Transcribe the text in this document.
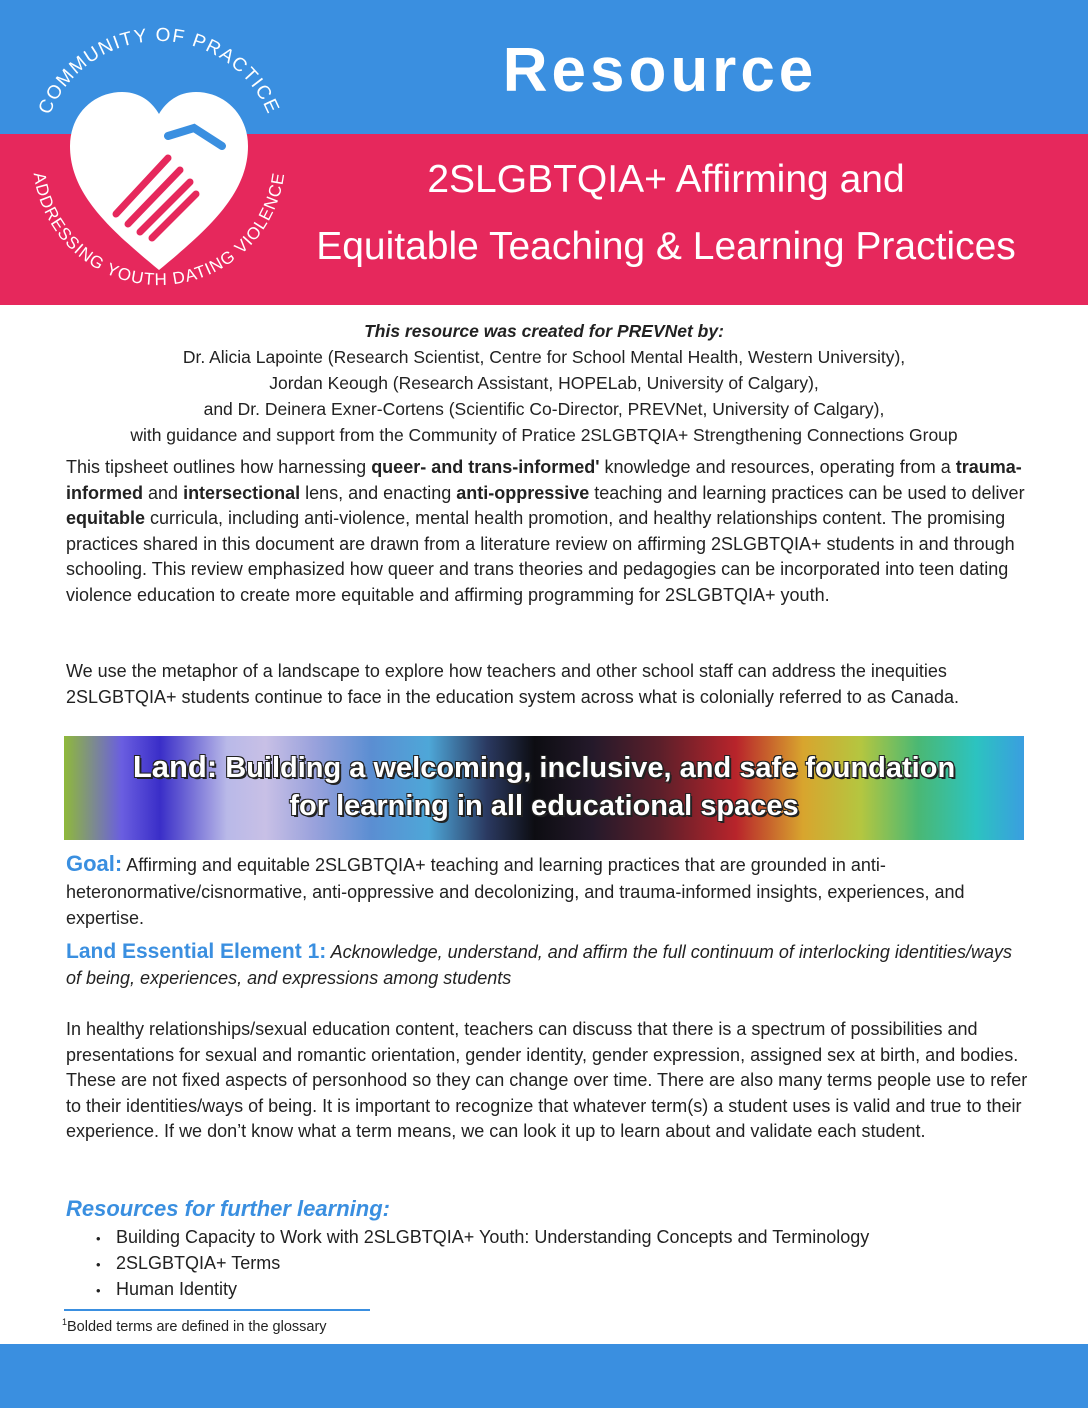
COMMUNITY OF PRACTICE
ADDRESSING YOUTH DATING VIOLENCE
Resource
2SLGBTQIA+ Affirming and
Equitable Teaching & Learning Practices
This resource was created for PREVNet by:
Dr. Alicia Lapointe (Research Scientist, Centre for School Mental Health, Western University),
Jordan Keough (Research Assistant, HOPELab, University of Calgary),
and Dr. Deinera Exner-Cortens (Scientific Co-Director, PREVNet, University of Calgary),
with guidance and support from the Community of Pratice 2SLGBTQIA+ Strengthening Connections Group
This tipsheet outlines how harnessing queer- and trans-informed' knowledge and resources, operating from a trauma-informed and intersectional lens, and enacting anti-oppressive teaching and learning practices can be used to deliver equitable curricula, including anti-violence, mental health promotion, and healthy relationships content. The promising practices shared in this document are drawn from a literature review on affirming 2SLGBTQIA+ students in and through schooling. This review emphasized how queer and trans theories and pedagogies can be incorporated into teen dating violence education to create more equitable and affirming programming for 2SLGBTQIA+ youth.
We use the metaphor of a landscape to explore how teachers and other school staff can address the inequities 2SLGBTQIA+ students continue to face in the education system across what is colonially referred to as Canada.
Land: Building a welcoming, inclusive, and safe foundation
for learning in all educational spaces
Goal: Affirming and equitable 2SLGBTQIA+ teaching and learning practices that are grounded in anti-heteronormative/cisnormative, anti-oppressive and decolonizing, and trauma-informed insights, experiences, and expertise.
Land Essential Element 1: Acknowledge, understand, and affirm the full continuum of interlocking identities/ways of being, experiences, and expressions among students
In healthy relationships/sexual education content, teachers can discuss that there is a spectrum of possibilities and presentations for sexual and romantic orientation, gender identity, gender expression, assigned sex at birth, and bodies. These are not fixed aspects of personhood so they can change over time. There are also many terms people use to refer to their identities/ways of being. It is important to recognize that whatever term(s) a student uses is valid and true to their experience. If we don’t know what a term means, we can look it up to learn about and validate each student.
Resources for further learning:
• Building Capacity to Work with 2SLGBTQIA+ Youth: Understanding Concepts and Terminology
• 2SLGBTQIA+ Terms
• Human Identity
$^1$Bolded terms are defined in the glossary
